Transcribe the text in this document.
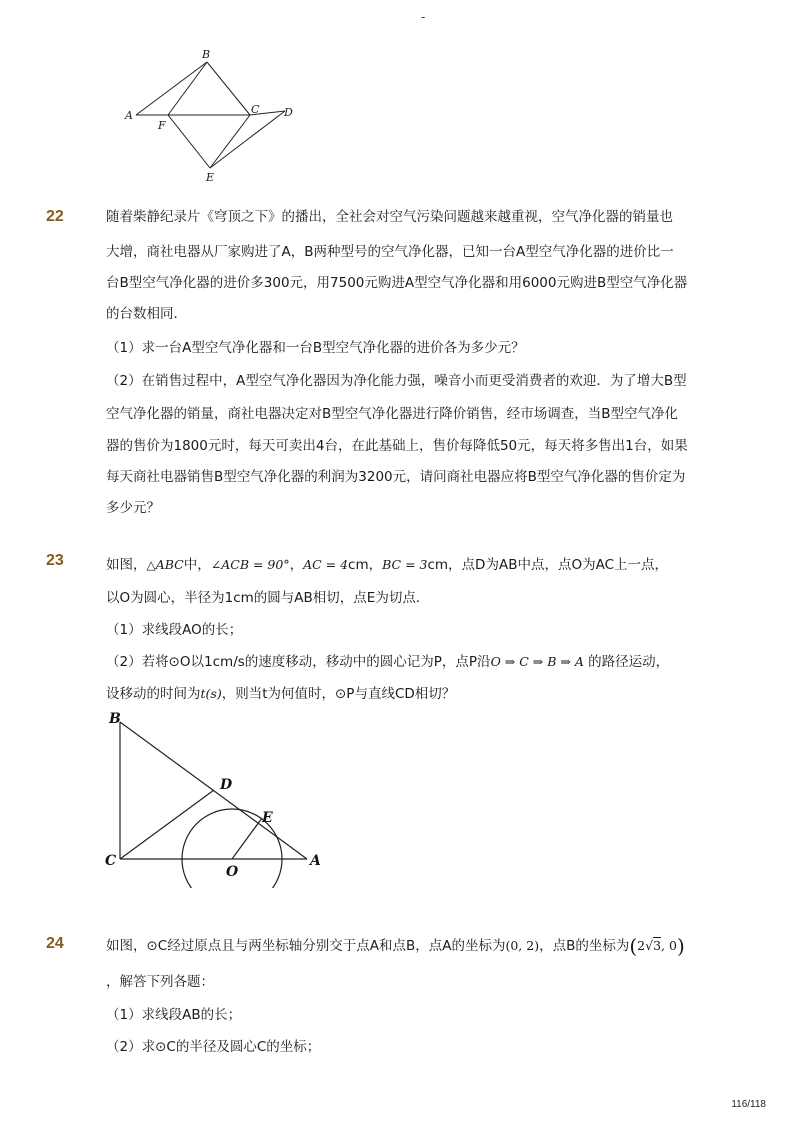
-
B
A
F
C D
E
22	随着柴静纪录片《穹顶之下》的播出，全社会对空气污染问题越来越重视，空气净化器的销量也
大增，商社电器从厂家购进了A，B两种型号的空气净化器，已知一台A型空气净化器的进价比一
台B型空气净化器的进价多300元，用7500元购进A型空气净化器和用6000元购进B型空气净化器
的台数相同．
（1）求一台A型空气净化器和一台B型空气净化器的进价各为多少元？
（2）在销售过程中，A型空气净化器因为净化能力强，噪音小而更受消费者的欢迎．为了增大B型
空气净化器的销量，商社电器决定对B型空气净化器进行降价销售，经市场调查，当B型空气净化
器的售价为1800元时，每天可卖出4台，在此基础上，售价每降低50元，每天将多售出1台，如果
每天商社电器销售B型空气净化器的利润为3200元，请问商社电器应将B型空气净化器的售价定为
多少元？
23	如图，△ABC中，∠ACB = 90°，AC = 4cm，BC = 3cm，点D为AB中点，点O为AC上一点，
以O为圆心，半径为1cm的圆与AB相切，点E为切点．
（1）求线段AO的长；
（2）若将⊙O以1cm/s的速度移动，移动中的圆心记为P，点P沿O ⇒ C ⇒ B ⇒ A 的路径运动，
设移动的时间为t(s)，则当t为何值时，⊙P与直线CD相切？
B
C
D
E
O
A
24	如图，⊙C经过原点且与两坐标轴分别交于点A和点B，点A的坐标为(0, 2)，点B的坐标为(2√3, 0)
，解答下列各题：
（1）求线段AB的长；
（2）求⊙C的半径及圆心C的坐标；
116/118
